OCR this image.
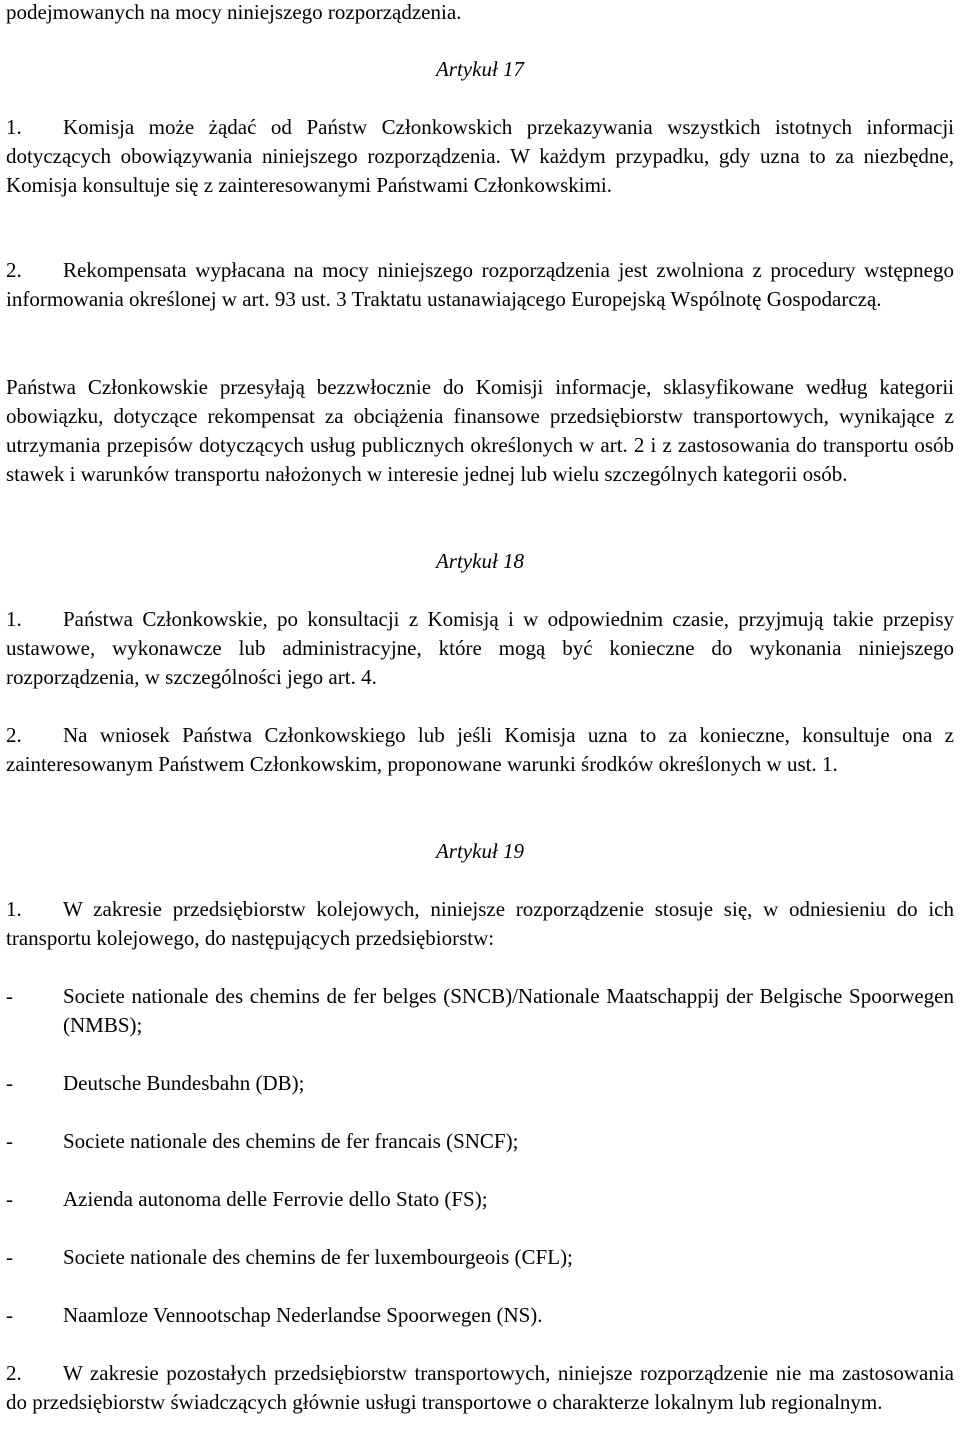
podejmowanych na mocy niniejszego rozporządzenia.

Artykuł 17

1. Komisja może żądać od Państw Członkowskich przekazywania wszystkich istotnych informacji dotyczących obowiązywania niniejszego rozporządzenia. W każdym przypadku, gdy uzna to za niezbędne, Komisja konsultuje się z zainteresowanymi Państwami Członkowskimi.

2. Rekompensata wypłacana na mocy niniejszego rozporządzenia jest zwolniona z procedury wstępnego informowania określonej w art. 93 ust. 3 Traktatu ustanawiającego Europejską Wspólnotę Gospodarczą.

Państwa Członkowskie przesyłają bezzwłocznie do Komisji informacje, sklasyfikowane według kategorii obowiązku, dotyczące rekompensat za obciążenia finansowe przedsiębiorstw transportowych, wynikające z utrzymania przepisów dotyczących usług publicznych określonych w art. 2 i z zastosowania do transportu osób stawek i warunków transportu nałożonych w interesie jednej lub wielu szczególnych kategorii osób.

Artykuł 18

1. Państwa Członkowskie, po konsultacji z Komisją i w odpowiednim czasie, przyjmują takie przepisy ustawowe, wykonawcze lub administracyjne, które mogą być konieczne do wykonania niniejszego rozporządzenia, w szczególności jego art. 4.

2. Na wniosek Państwa Członkowskiego lub jeśli Komisja uzna to za konieczne, konsultuje ona z zainteresowanym Państwem Członkowskim, proponowane warunki środków określonych w ust. 1.

Artykuł 19

1. W zakresie przedsiębiorstw kolejowych, niniejsze rozporządzenie stosuje się, w odniesieniu do ich transportu kolejowego, do następujących przedsiębiorstw:

-	Societe nationale des chemins de fer belges (SNCB)/Nationale Maatschappij der Belgische Spoorwegen (NMBS);
-	Deutsche Bundesbahn (DB);
-	Societe nationale des chemins de fer francais (SNCF);
-	Azienda autonoma delle Ferrovie dello Stato (FS);
-	Societe nationale des chemins de fer luxembourgeois (CFL);
-	Naamloze Vennootschap Nederlandse Spoorwegen (NS).

2. W zakresie pozostałych przedsiębiorstw transportowych, niniejsze rozporządzenie nie ma zastosowania do przedsiębiorstw świadczących głównie usługi transportowe o charakterze lokalnym lub regionalnym.
